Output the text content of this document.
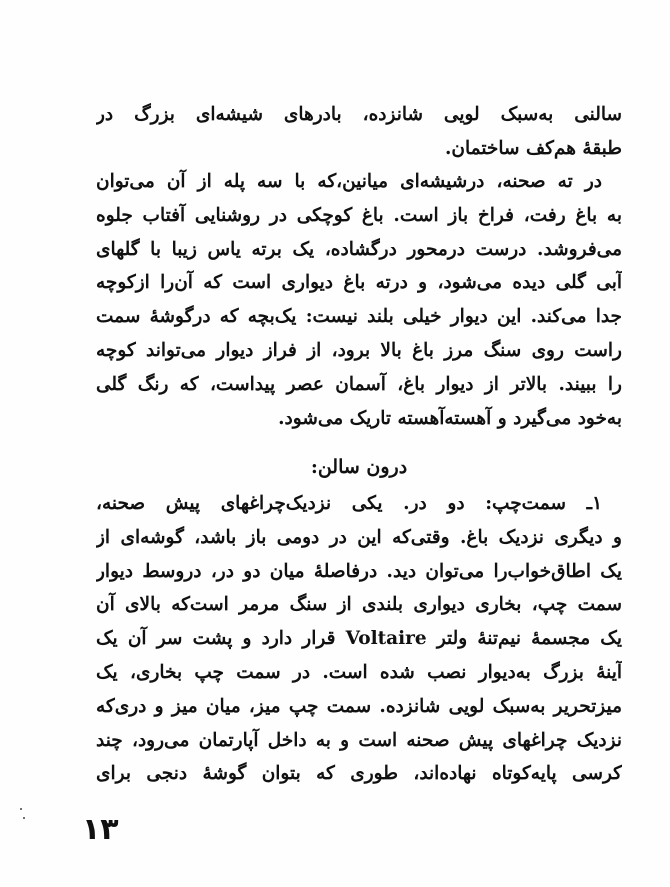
سالنی به‌سبک لویی شانزده، بادرهای شیشه‌ای بزرگ در
طبقهٔ هم‌کف ساختمان.
در ته صحنه، درشیشه‌ای میانین،که با سه پله از آن می‌توان
به باغ رفت، فراخ باز است. باغ کوچکی در روشنایی آفتاب جلوه
می‌فروشد. درست درمحور درگشاده، یک برته یاس زیبا با گلهای
آبی گلی دیده می‌شود، و درته باغ دیواری است که آن‌را ازکوچه
جدا می‌کند. این دیوار خیلی بلند نیست: یک‌بچه که درگوشهٔ سمت
راست روی سنگ مرز باغ بالا برود، از فراز دیوار می‌تواند کوچه
را ببیند. بالاتر از دیوار باغ، آسمان عصر پیداست، که رنگ گلی
به‌خود می‌گیرد و آهسته‌آهسته تاریک می‌شود.
درون سالن:
۱ـ سمت‌چپ: دو در. یکی نزدیک‌چراغهای پیش صحنه،
و دیگری نزدیک باغ. وقتی‌که این در دومی باز باشد، گوشه‌ای از
یک اطاق‌خواب‌را می‌توان دید. درفاصلهٔ میان دو در، دروسط دیوار
سمت چپ، بخاری دیواری بلندی از سنگ مرمر است‌که بالای آن
یک مجسمهٔ نیم‌تنهٔ ولتر Voltaire قرار دارد و پشت سر آن یک
آینهٔ بزرگ به‌دیوار نصب شده است. در سمت چپ بخاری، یک
میزتحریر به‌سبک لویی شانزده. سمت چپ میز، میان میز و دری‌که
نزدیک چراغهای پیش صحنه است و به داخل آپارتمان می‌رود، چند
کرسی پایه‌کوتاه نهاده‌اند، طوری که بتوان گوشهٔ دنجی برای
۱۳
